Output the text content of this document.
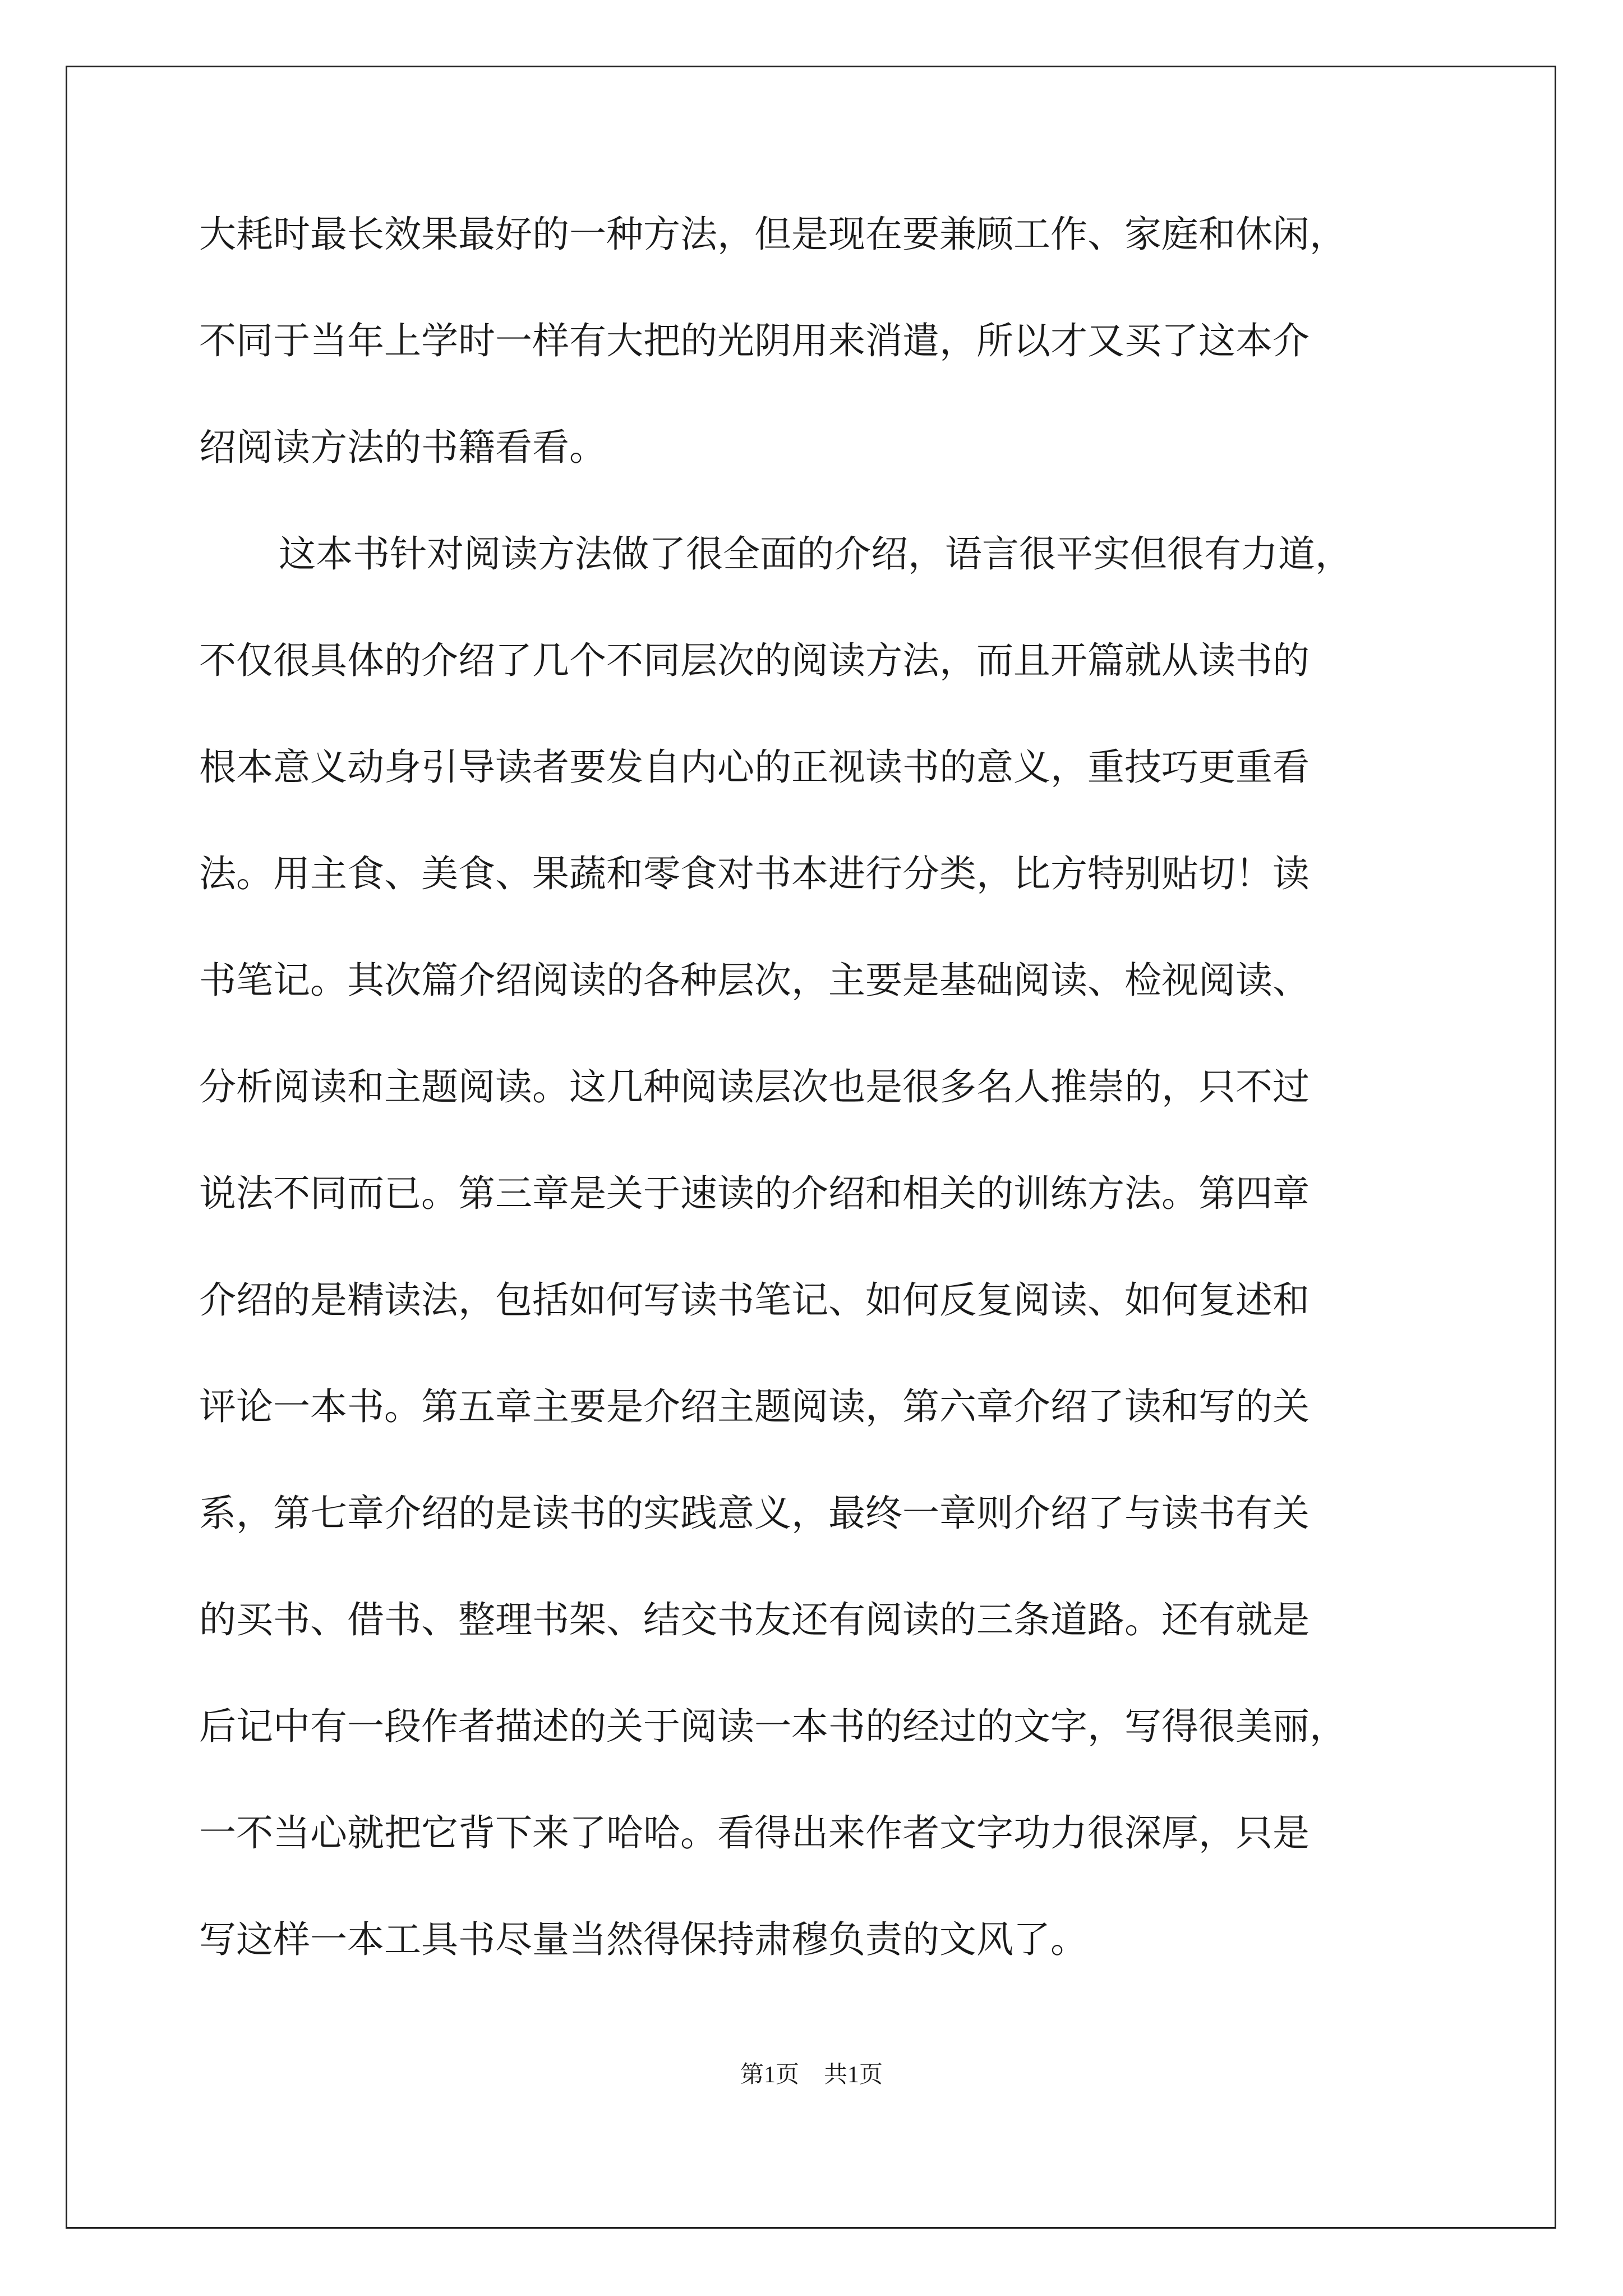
大耗时最长效果最好的一种方法，但是现在要兼顾工作、家庭和休闲，
不同于当年上学时一样有大把的光阴用来消遣，所以才又买了这本介
绍阅读方法的书籍看看。
这本书针对阅读方法做了很全面的介绍，语言很平实但很有力道，
不仅很具体的介绍了几个不同层次的阅读方法，而且开篇就从读书的
根本意义动身引导读者要发自内心的正视读书的意义，重技巧更重看
法。用主食、美食、果蔬和零食对书本进行分类，比方特别贴切！读
书笔记。其次篇介绍阅读的各种层次，主要是基础阅读、检视阅读、
分析阅读和主题阅读。这几种阅读层次也是很多名人推崇的，只不过
说法不同而已。第三章是关于速读的介绍和相关的训练方法。第四章
介绍的是精读法，包括如何写读书笔记、如何反复阅读、如何复述和
评论一本书。第五章主要是介绍主题阅读，第六章介绍了读和写的关
系，第七章介绍的是读书的实践意义，最终一章则介绍了与读书有关
的买书、借书、整理书架、结交书友还有阅读的三条道路。还有就是
后记中有一段作者描述的关于阅读一本书的经过的文字，写得很美丽，
一不当心就把它背下来了哈哈。看得出来作者文字功力很深厚，只是
写这样一本工具书尽量当然得保持肃穆负责的文风了。
第1页 共1页
